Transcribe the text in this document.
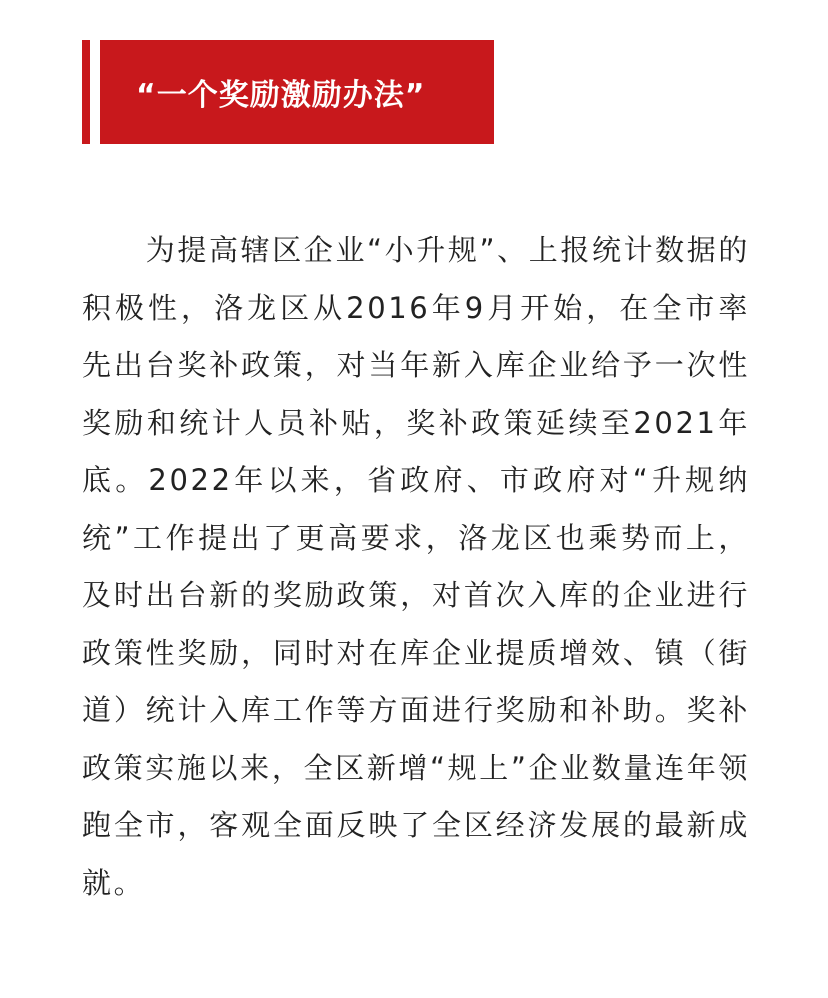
“一个奖励激励办法”

为提高辖区企业“小升规”、上报统计数据的积极性，洛龙区从2016年9月开始，在全市率先出台奖补政策，对当年新入库企业给予一次性奖励和统计人员补贴，奖补政策延续至2021年底。2022年以来，省政府、市政府对“升规纳统”工作提出了更高要求，洛龙区也乘势而上，及时出台新的奖励政策，对首次入库的企业进行政策性奖励，同时对在库企业提质增效、镇（街道）统计入库工作等方面进行奖励和补助。奖补政策实施以来，全区新增“规上”企业数量连年领跑全市，客观全面反映了全区经济发展的最新成就。
